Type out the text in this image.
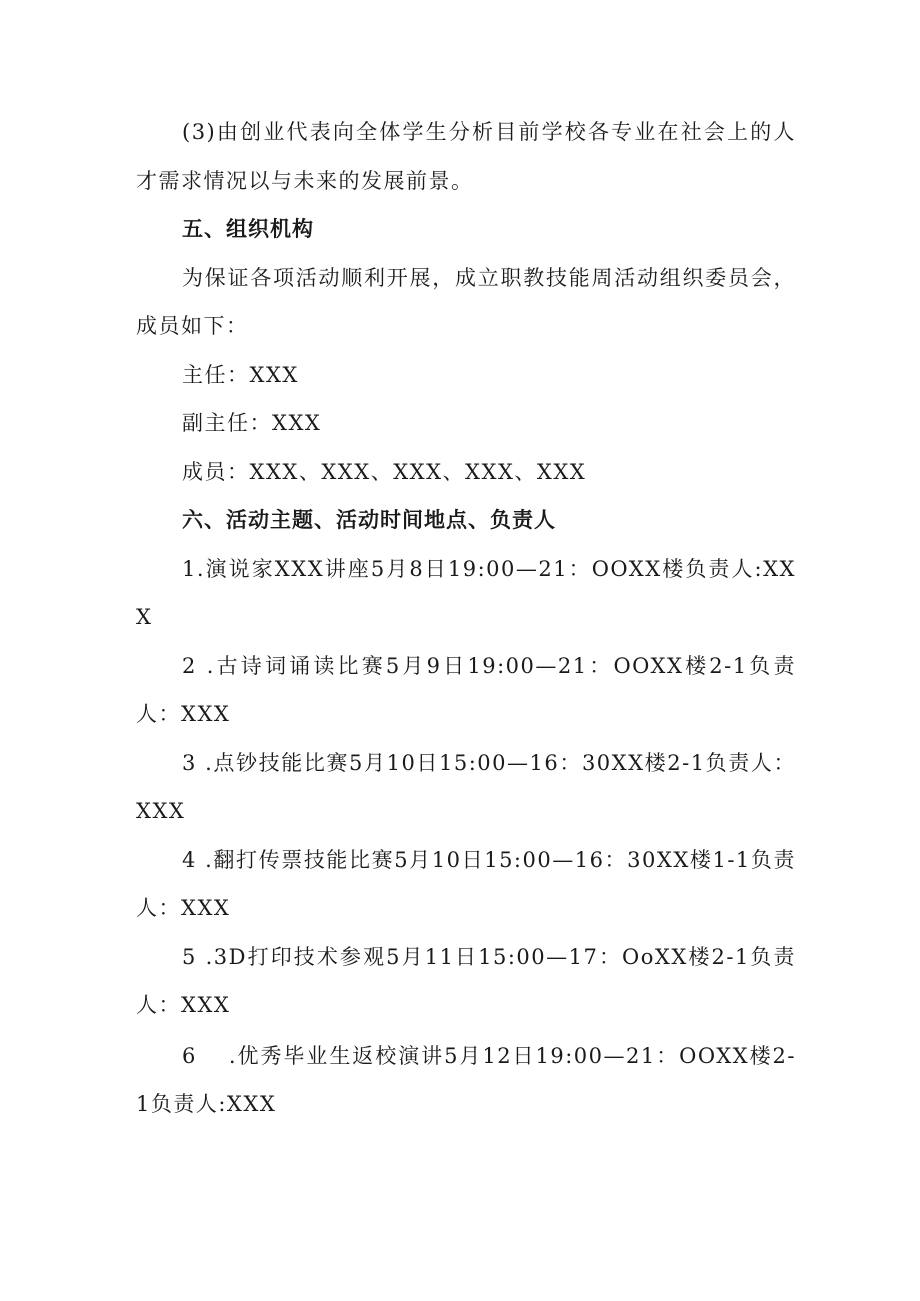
(3)由创业代表向全体学生分析目前学校各专业在社会上的人才需求情况以与未来的发展前景。

五、组织机构

为保证各项活动顺利开展，成立职教技能周活动组织委员会，成员如下：

主任：XXX

副主任：XXX

成员：XXX、XXX、XXX、XXX、XXX

六、活动主题、活动时间地点、负责人

1.演说家XXX讲座5月8日19:00—21：OOXX楼负责人:XXX

2 .古诗词诵读比赛5月9日19:00—21：OOXX楼2-1负责人：XXX

3 .点钞技能比赛5月10日15:00—16：30XX楼2-1负责人：XXX

4 .翻打传票技能比赛5月10日15:00—16：30XX楼1-1负责人：XXX

5 .3D打印技术参观5月11日15:00—17：OoXX楼2-1负责人：XXX

6　 .优秀毕业生返校演讲5月12日19:00—21：OOXX楼2-1负责人:XXX
